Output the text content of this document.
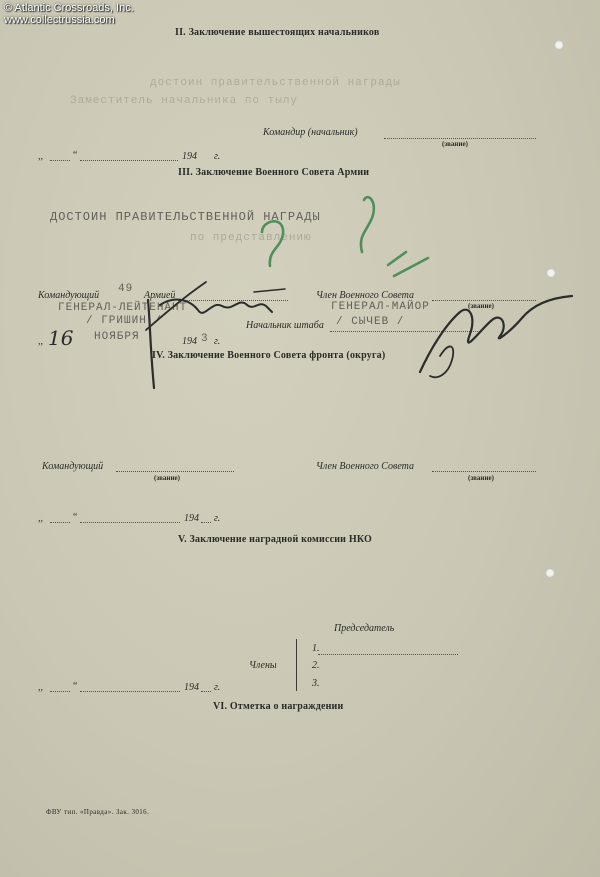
© Atlantic Crossroads, Inc.
www.collectrussia.com
II. Заключение вышестоящих начальников
достоин правительственной награды
Заместитель начальника по тылу
Командир (начальник)
(звание)
,,	“	194 г.
III. Заключение Военного Совета Армии
ДОСТОИН ПРАВИТЕЛЬСТВЕННОЙ НАГРАДЫ
по представлению
Командующий
49
Армией
ГЕНЕРАЛ-ЛЕЙТЕНАНТ
/ ГРИШИН /
Член Военного Совета
ГЕНЕРАЛ-МАЙОР	(звание)
Начальник штаба / СЫЧЕВ /
,, 16 НОЯБРЯ	194 3 г.
IV. Заключение Военного Совета фронта (округа)
Командующий
(звание)
Член Военного Совета
(звание)
,,	“	194 г.
V. Заключение наградной комиссии НКО
Председатель
Члены
1.
2.
3.
,,	“	194 г.
VI. Отметка о награждении
ФВУ тип. «Правда». Зак. 3016.
